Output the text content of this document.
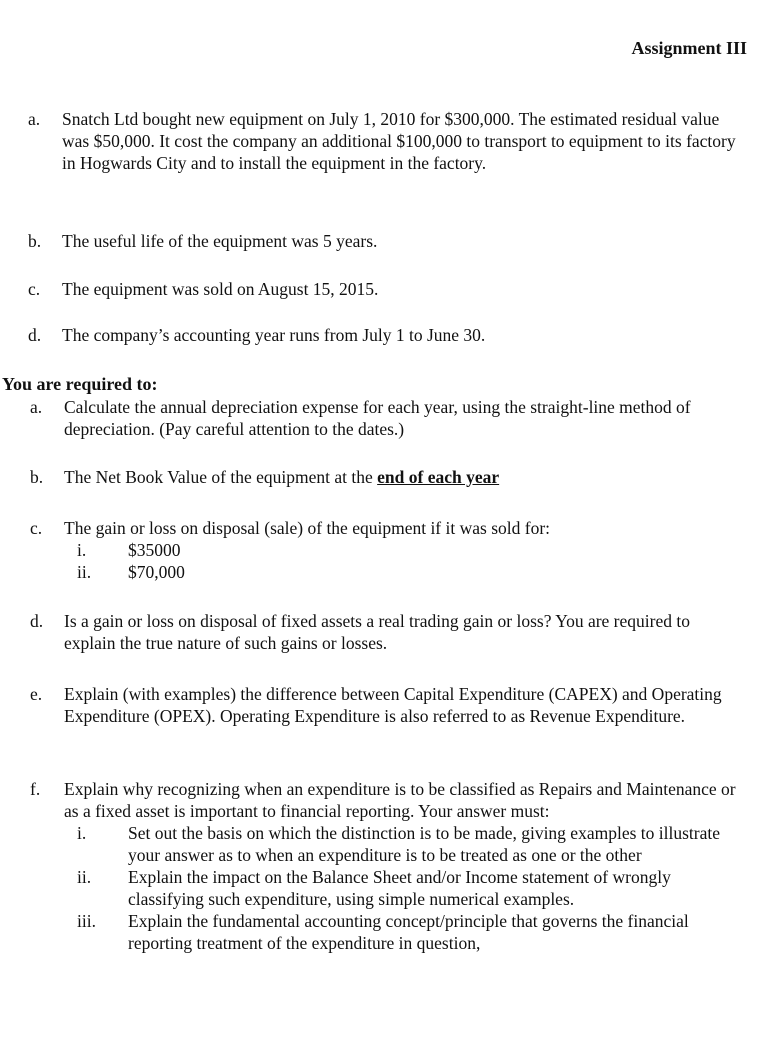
Assignment III
a.	Snatch Ltd bought new equipment on July 1, 2010 for $300,000. The estimated residual value was $50,000. It cost the company an additional $100,000 to transport to equipment to its factory in Hogwards City and to install the equipment in the factory.
b.	The useful life of the equipment was 5 years.
c.	The equipment was sold on August 15, 2015.
d.	The company’s accounting year runs from July 1 to June 30.
You are required to:
a. Calculate the annual depreciation expense for each year, using the straight-line method of depreciation. (Pay careful attention to the dates.)
b. The Net Book Value of the equipment at the end of each year
c. The gain or loss on disposal (sale) of the equipment if it was sold for:
i.	$35000
ii.	$70,000
d. Is a gain or loss on disposal of fixed assets a real trading gain or loss? You are required to explain the true nature of such gains or losses.
e. Explain (with examples) the difference between Capital Expenditure (CAPEX) and Operating Expenditure (OPEX). Operating Expenditure is also referred to as Revenue Expenditure.
f. Explain why recognizing when an expenditure is to be classified as Repairs and Maintenance or as a fixed asset is important to financial reporting. Your answer must:
i.	Set out the basis on which the distinction is to be made, giving examples to illustrate your answer as to when an expenditure is to be treated as one or the other
ii.	Explain the impact on the Balance Sheet and/or Income statement of wrongly classifying such expenditure, using simple numerical examples.
iii.	Explain the fundamental accounting concept/principle that governs the financial reporting treatment of the expenditure in question,
